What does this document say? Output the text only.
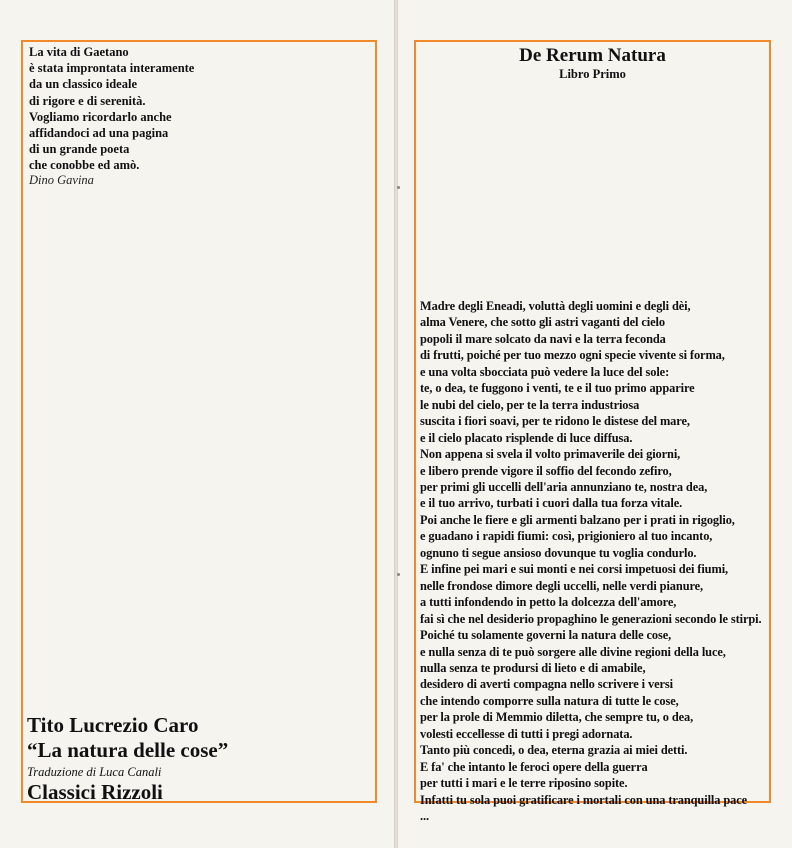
La vita di Gaetano
è stata improntata interamente
da un classico ideale
di rigore e di serenità.
Vogliamo ricordarlo anche
affidandoci ad una pagina
di un grande poeta
che conobbe ed amò.
Dino Gavina
Tito Lucrezio Caro
“La natura delle cose”
Traduzione di Luca Canali
Classici Rizzoli
De Rerum Natura
Libro Primo
Madre degli Eneadi, voluttà degli uomini e degli dèi,
alma Venere, che sotto gli astri vaganti del cielo
popoli il mare solcato da navi e la terra feconda
di frutti, poiché per tuo mezzo ogni specie vivente si forma,
e una volta sbocciata può vedere la luce del sole:
te, o dea, te fuggono i venti, te e il tuo primo apparire
le nubi del cielo, per te la terra industriosa
suscita i fiori soavi, per te ridono le distese del mare,
e il cielo placato risplende di luce diffusa.
Non appena si svela il volto primaverile dei giorni,
e libero prende vigore il soffio del fecondo zefiro,
per primi gli uccelli dell'aria annunziano te, nostra dea,
e il tuo arrivo, turbati i cuori dalla tua forza vitale.
Poi anche le fiere e gli armenti balzano per i prati in rigoglio,
e guadano i rapidi fiumi: così, prigioniero al tuo incanto,
ognuno ti segue ansioso dovunque tu voglia condurlo.
E infine pei mari e sui monti e nei corsi impetuosi dei fiumi,
nelle frondose dimore degli uccelli, nelle verdi pianure,
a tutti infondendo in petto la dolcezza dell'amore,
fai sì che nel desiderio propaghino le generazioni secondo le stirpi.
Poiché tu solamente governi la natura delle cose,
e nulla senza di te può sorgere alle divine regioni della luce,
nulla senza te prodursi di lieto e di amabile,
desidero di averti compagna nello scrivere i versi
che intendo comporre sulla natura di tutte le cose,
per la prole di Memmio diletta, che sempre tu, o dea,
volesti eccellesse di tutti i pregi adornata.
Tanto più concedi, o dea, eterna grazia ai miei detti.
E fa' che intanto le feroci opere della guerra
per tutti i mari e le terre riposino sopite.
Infatti tu sola puoi gratificare i mortali con una tranquilla pace
...
